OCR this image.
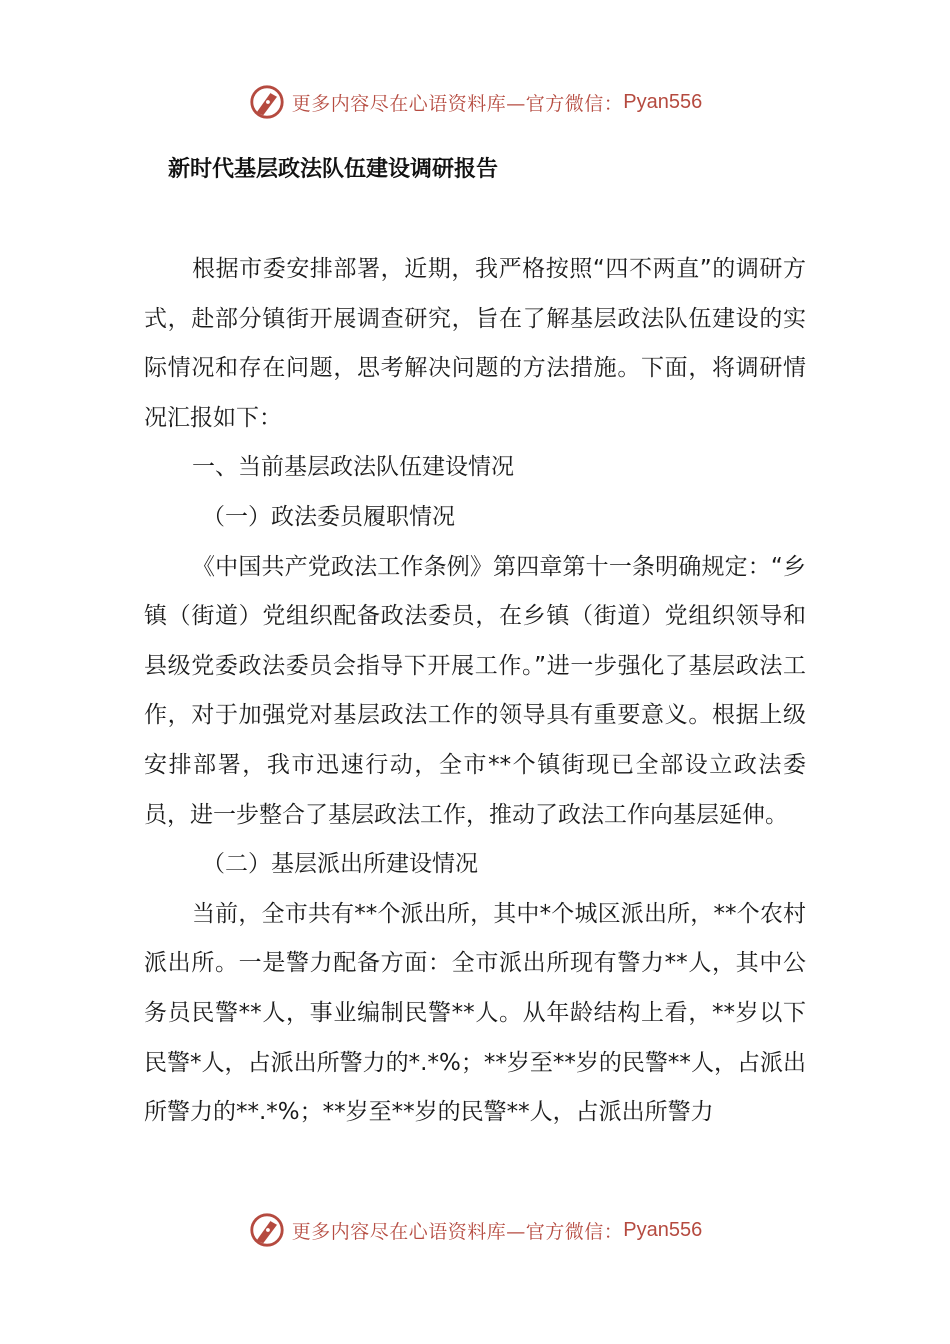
更多内容尽在心语资料库—官方微信： Pyan556
新时代基层政法队伍建设调研报告

根据市委安排部署，近期，我严格按照“四不两直”的调研方式，赴部分镇街开展调查研究，旨在了解基层政法队伍建设的实际情况和存在问题，思考解决问题的方法措施。下面，将调研情况汇报如下：

一、当前基层政法队伍建设情况

（一）政法委员履职情况

《中国共产党政法工作条例》第四章第十一条明确规定：“乡镇（街道）党组织配备政法委员，在乡镇（街道）党组织领导和县级党委政法委员会指导下开展工作。”进一步强化了基层政法工作，对于加强党对基层政法工作的领导具有重要意义。根据上级安排部署，我市迅速行动，全市**个镇街现已全部设立政法委员，进一步整合了基层政法工作，推动了政法工作向基层延伸。

（二）基层派出所建设情况

当前，全市共有**个派出所，其中*个城区派出所，**个农村派出所。一是警力配备方面：全市派出所现有警力**人，其中公务员民警**人，事业编制民警**人。从年龄结构上看，**岁以下民警*人，占派出所警力的*.*%；**岁至**岁的民警**人，占派出所警力的**.*%；**岁至**岁的民警**人，占派出所警力

更多内容尽在心语资料库—官方微信： Pyan556
